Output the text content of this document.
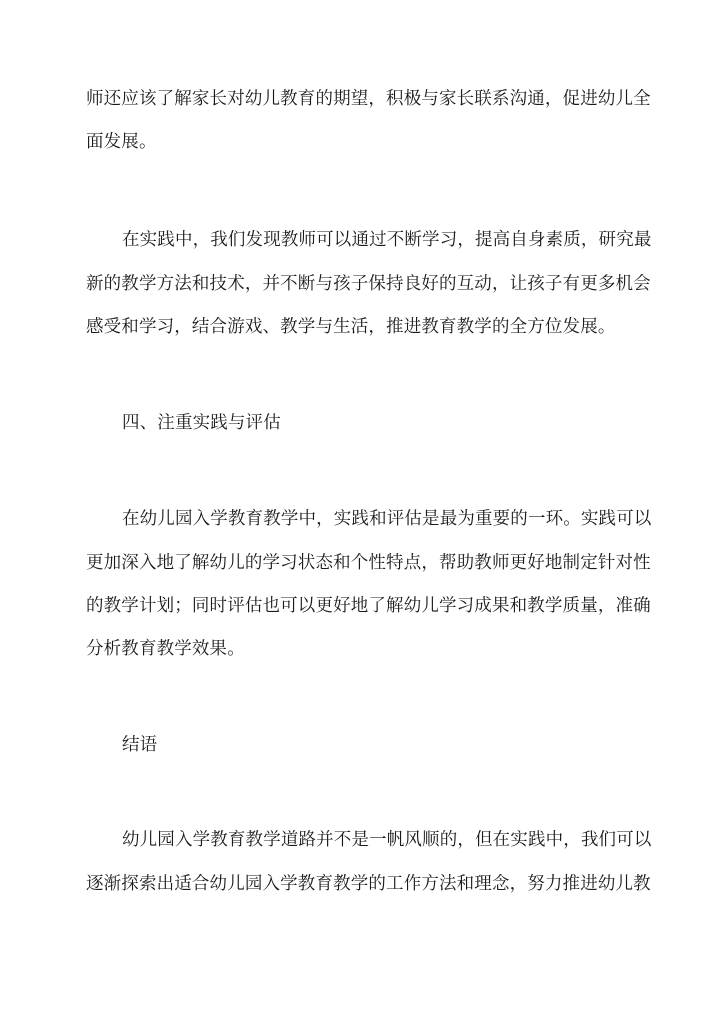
师还应该了解家长对幼儿教育的期望，积极与家长联系沟通，促进幼儿全
面发展。
在实践中，我们发现教师可以通过不断学习，提高自身素质，研究最
新的教学方法和技术，并不断与孩子保持良好的互动，让孩子有更多机会
感受和学习，结合游戏、教学与生活，推进教育教学的全方位发展。
四、注重实践与评估
在幼儿园入学教育教学中，实践和评估是最为重要的一环。实践可以
更加深入地了解幼儿的学习状态和个性特点，帮助教师更好地制定针对性
的教学计划；同时评估也可以更好地了解幼儿学习成果和教学质量，准确
分析教育教学效果。
结语
幼儿园入学教育教学道路并不是一帆风顺的，但在实践中，我们可以
逐渐探索出适合幼儿园入学教育教学的工作方法和理念，努力推进幼儿教
